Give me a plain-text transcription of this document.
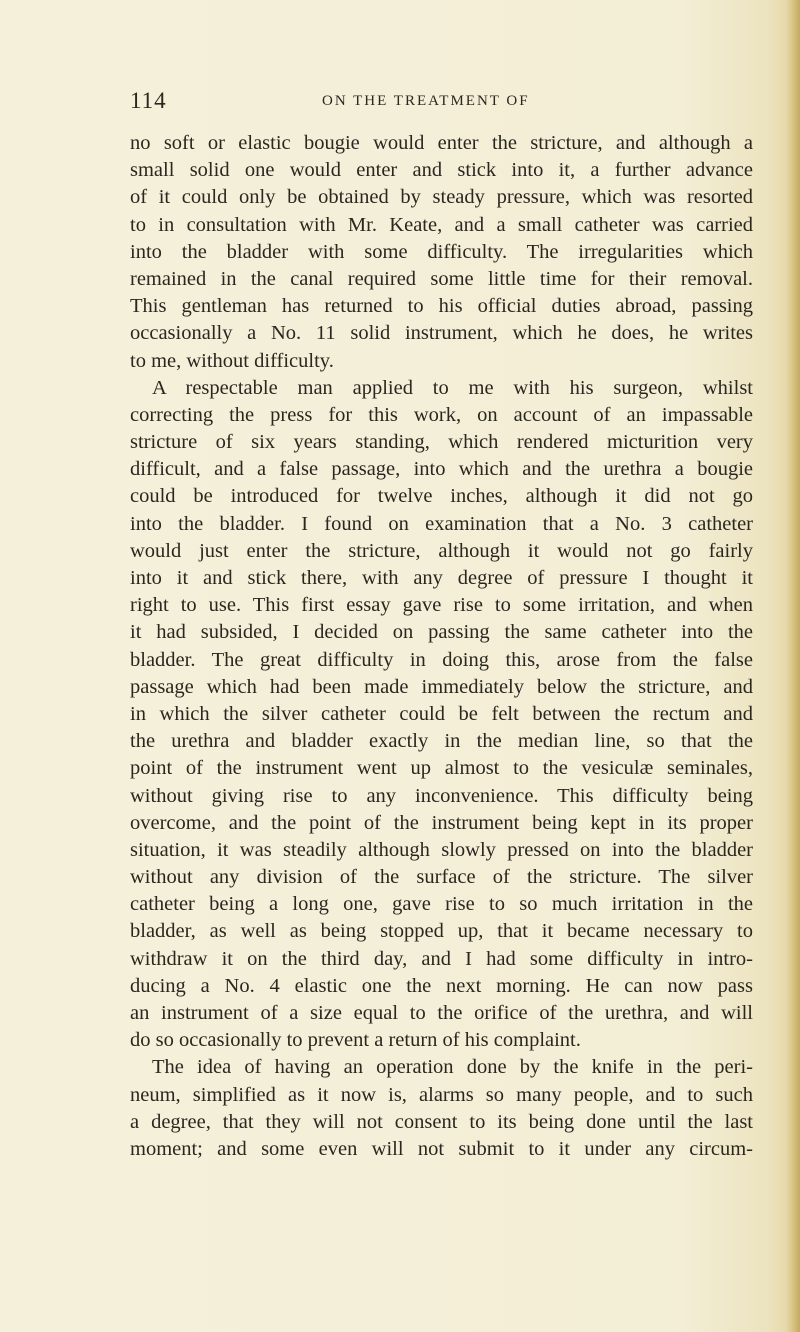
114	ON THE TREATMENT OF
no soft or elastic bougie would enter the stricture, and although a
small solid one would enter and stick into it, a further advance
of it could only be obtained by steady pressure, which was resorted
to in consultation with Mr. Keate, and a small catheter was carried
into the bladder with some difficulty. The irregularities which
remained in the canal required some little time for their removal.
This gentleman has returned to his official duties abroad, passing
occasionally a No. 11 solid instrument, which he does, he writes
to me, without difficulty.
A respectable man applied to me with his surgeon, whilst
correcting the press for this work, on account of an impassable
stricture of six years standing, which rendered micturition very
difficult, and a false passage, into which and the urethra a bougie
could be introduced for twelve inches, although it did not go
into the bladder. I found on examination that a No. 3 catheter
would just enter the stricture, although it would not go fairly
into it and stick there, with any degree of pressure I thought it
right to use. This first essay gave rise to some irritation, and when
it had subsided, I decided on passing the same catheter into the
bladder. The great difficulty in doing this, arose from the false
passage which had been made immediately below the stricture, and
in which the silver catheter could be felt between the rectum and
the urethra and bladder exactly in the median line, so that the
point of the instrument went up almost to the vesiculæ seminales,
without giving rise to any inconvenience. This difficulty being
overcome, and the point of the instrument being kept in its proper
situation, it was steadily although slowly pressed on into the bladder
without any division of the surface of the stricture. The silver
catheter being a long one, gave rise to so much irritation in the
bladder, as well as being stopped up, that it became necessary to
withdraw it on the third day, and I had some difficulty in intro-
ducing a No. 4 elastic one the next morning. He can now pass
an instrument of a size equal to the orifice of the urethra, and will
do so occasionally to prevent a return of his complaint.
The idea of having an operation done by the knife in the peri-
neum, simplified as it now is, alarms so many people, and to such
a degree, that they will not consent to its being done until the last
moment; and some even will not submit to it under any circum-
